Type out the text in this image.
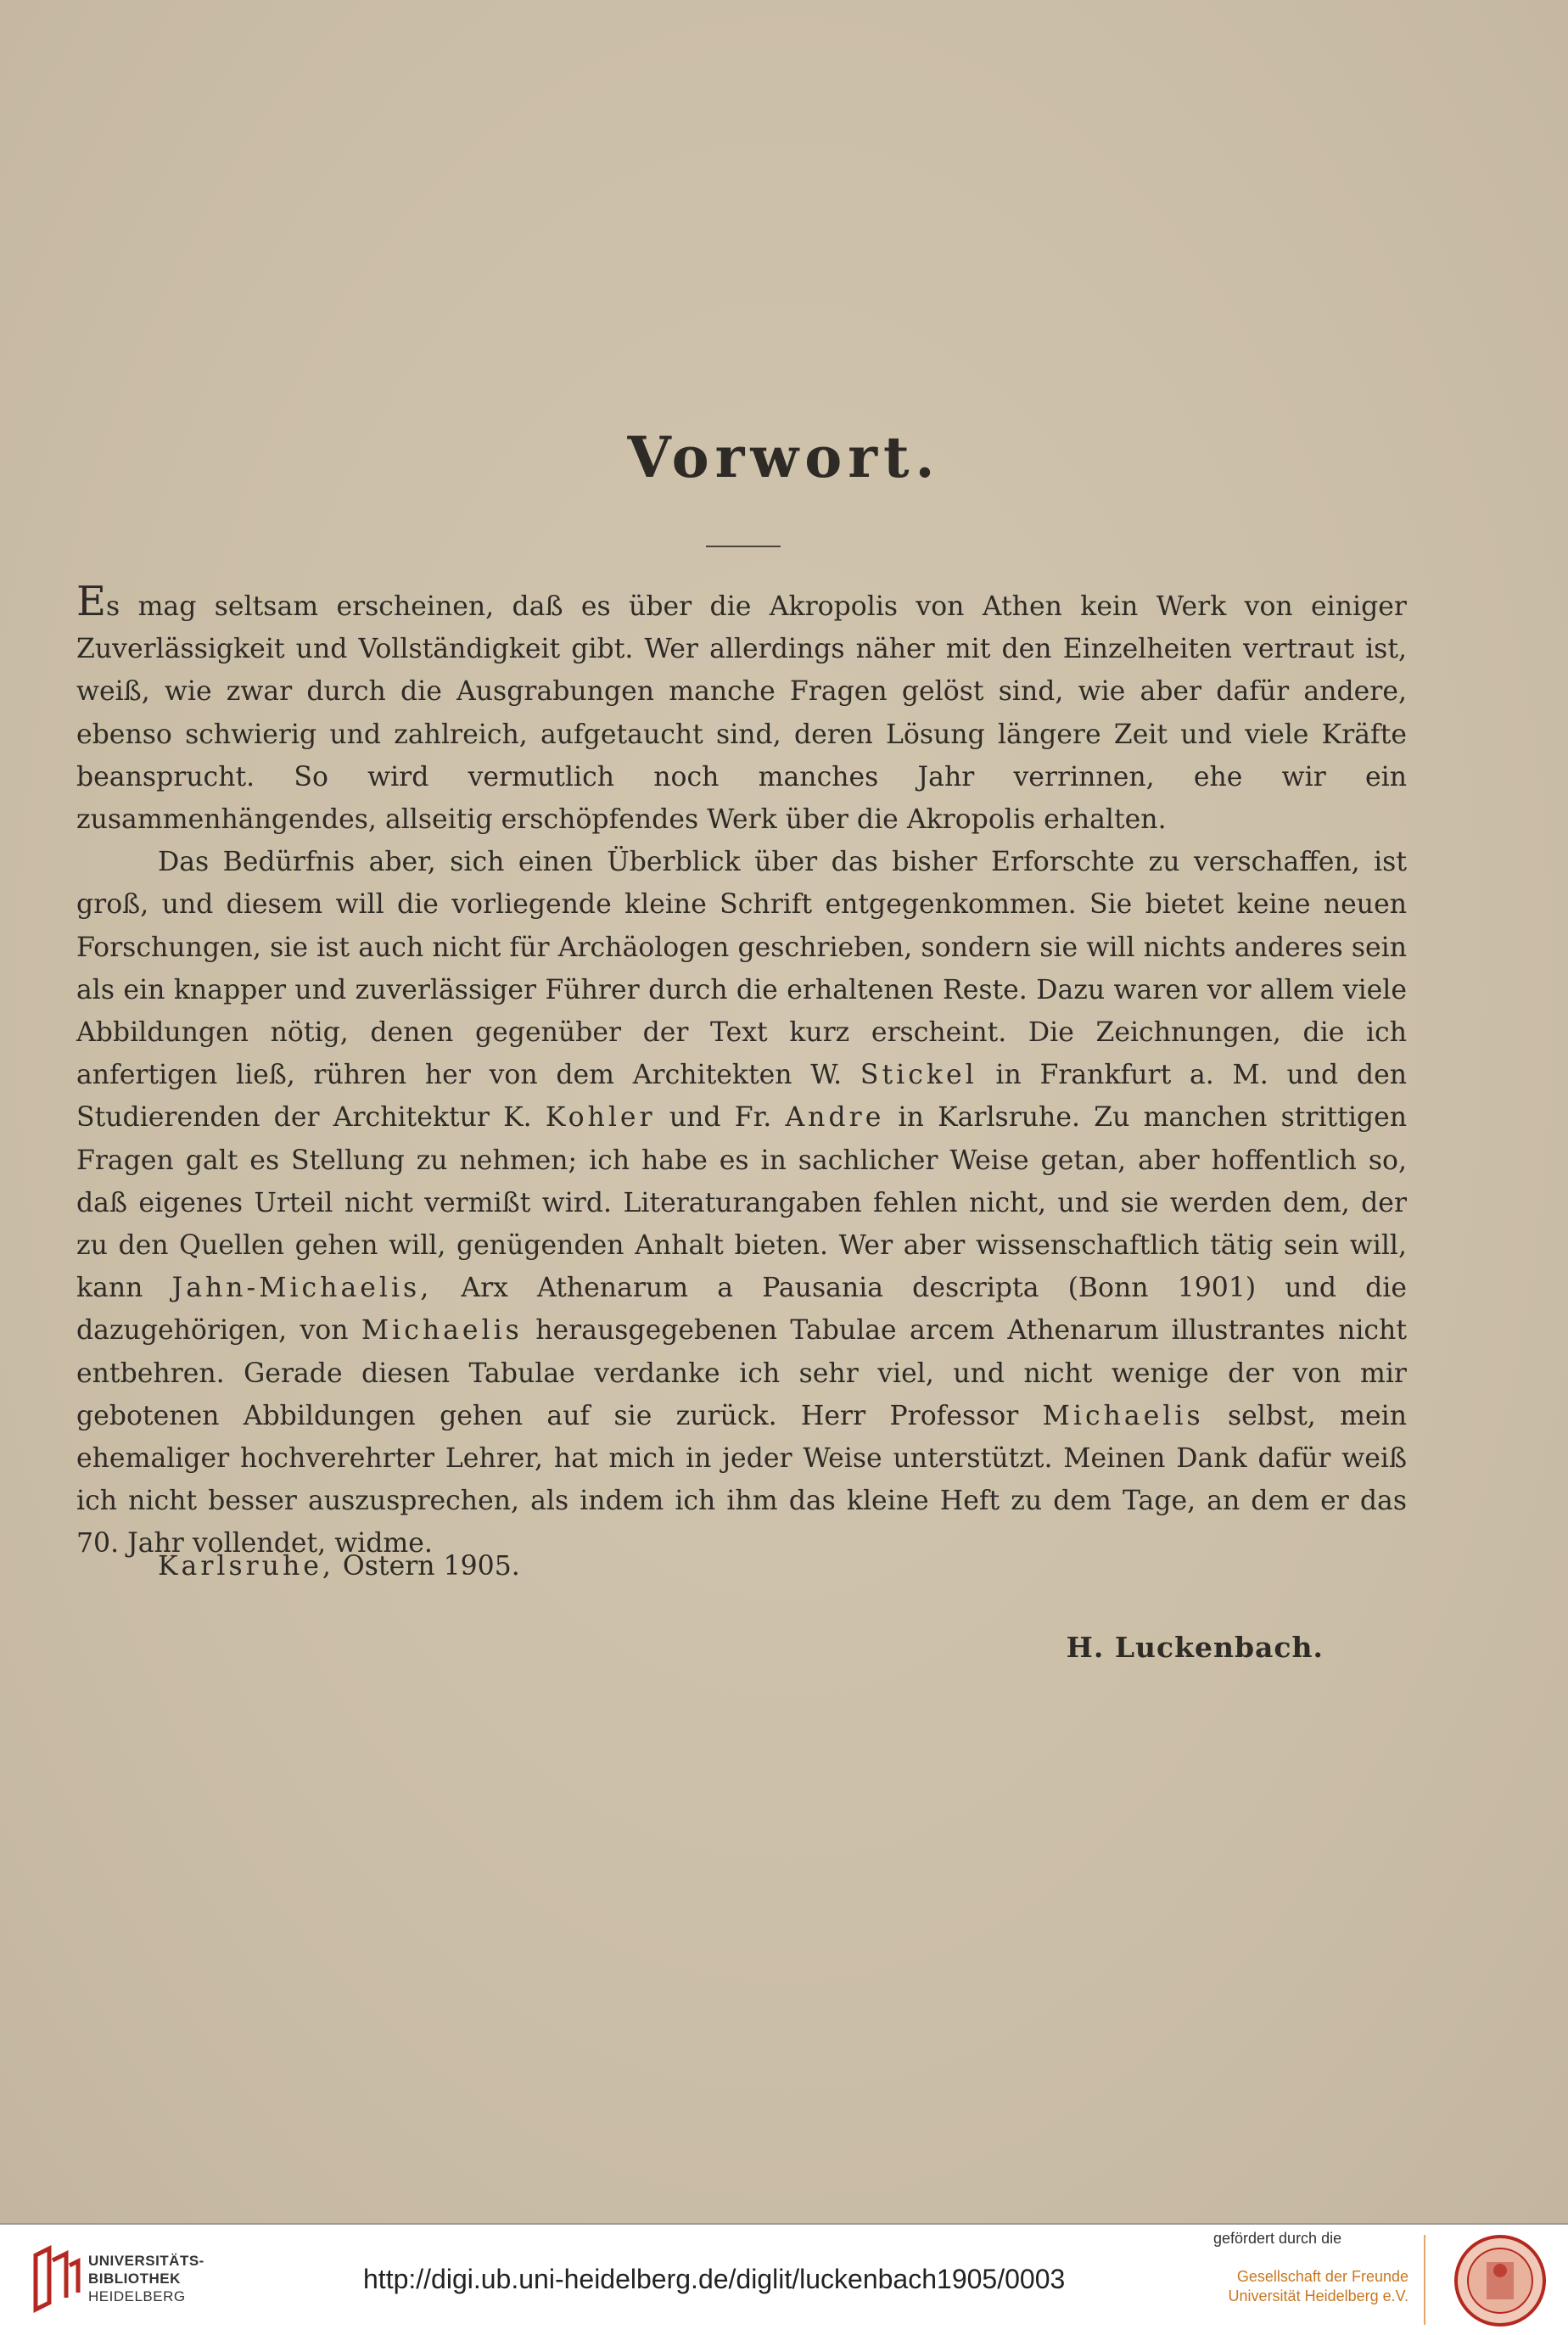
Vorwort.

Es mag seltsam erscheinen, daß es über die Akropolis von Athen kein Werk von einiger Zuverlässigkeit und Vollständigkeit gibt. Wer allerdings näher mit den Einzelheiten vertraut ist, weiß, wie zwar durch die Ausgrabungen manche Fragen gelöst sind, wie aber dafür andere, ebenso schwierig und zahlreich, aufgetaucht sind, deren Lösung längere Zeit und viele Kräfte beansprucht. So wird vermutlich noch manches Jahr verrinnen, ehe wir ein zusammenhängendes, allseitig erschöpfendes Werk über die Akropolis erhalten.

Das Bedürfnis aber, sich einen Überblick über das bisher Erforschte zu verschaffen, ist groß, und diesem will die vorliegende kleine Schrift entgegenkommen. Sie bietet keine neuen Forschungen, sie ist auch nicht für Archäologen geschrieben, sondern sie will nichts anderes sein als ein knapper und zuverlässiger Führer durch die erhaltenen Reste. Dazu waren vor allem viele Abbildungen nötig, denen gegenüber der Text kurz erscheint. Die Zeichnungen, die ich anfertigen ließ, rühren her von dem Architekten W. Stickel in Frankfurt a. M. und den Studierenden der Architektur K. Kohler und Fr. Andre in Karlsruhe. Zu manchen strittigen Fragen galt es Stellung zu nehmen; ich habe es in sachlicher Weise getan, aber hoffentlich so, daß eigenes Urteil nicht vermißt wird. Literaturangaben fehlen nicht, und sie werden dem, der zu den Quellen gehen will, genügenden Anhalt bieten. Wer aber wissenschaftlich tätig sein will, kann Jahn-Michaelis, Arx Athenarum a Pausania descripta (Bonn 1901) und die dazugehörigen, von Michaelis herausgegebenen Tabulae arcem Athenarum illustrantes nicht entbehren. Gerade diesen Tabulae verdanke ich sehr viel, und nicht wenige der von mir gebotenen Abbildungen gehen auf sie zurück. Herr Professor Michaelis selbst, mein ehemaliger hochverehrter Lehrer, hat mich in jeder Weise unterstützt. Meinen Dank dafür weiß ich nicht besser auszusprechen, als indem ich ihm das kleine Heft zu dem Tage, an dem er das 70. Jahr vollendet, widme.

Karlsruhe, Ostern 1905.
H. Luckenbach.
UNIVERSITÄTS-
BIBLIOTHEK
HEIDELBERG
http://digi.ub.uni-heidelberg.de/diglit/luckenbach1905/0003
gefördert durch die
Gesellschaft der Freunde
Universität Heidelberg e.V.
